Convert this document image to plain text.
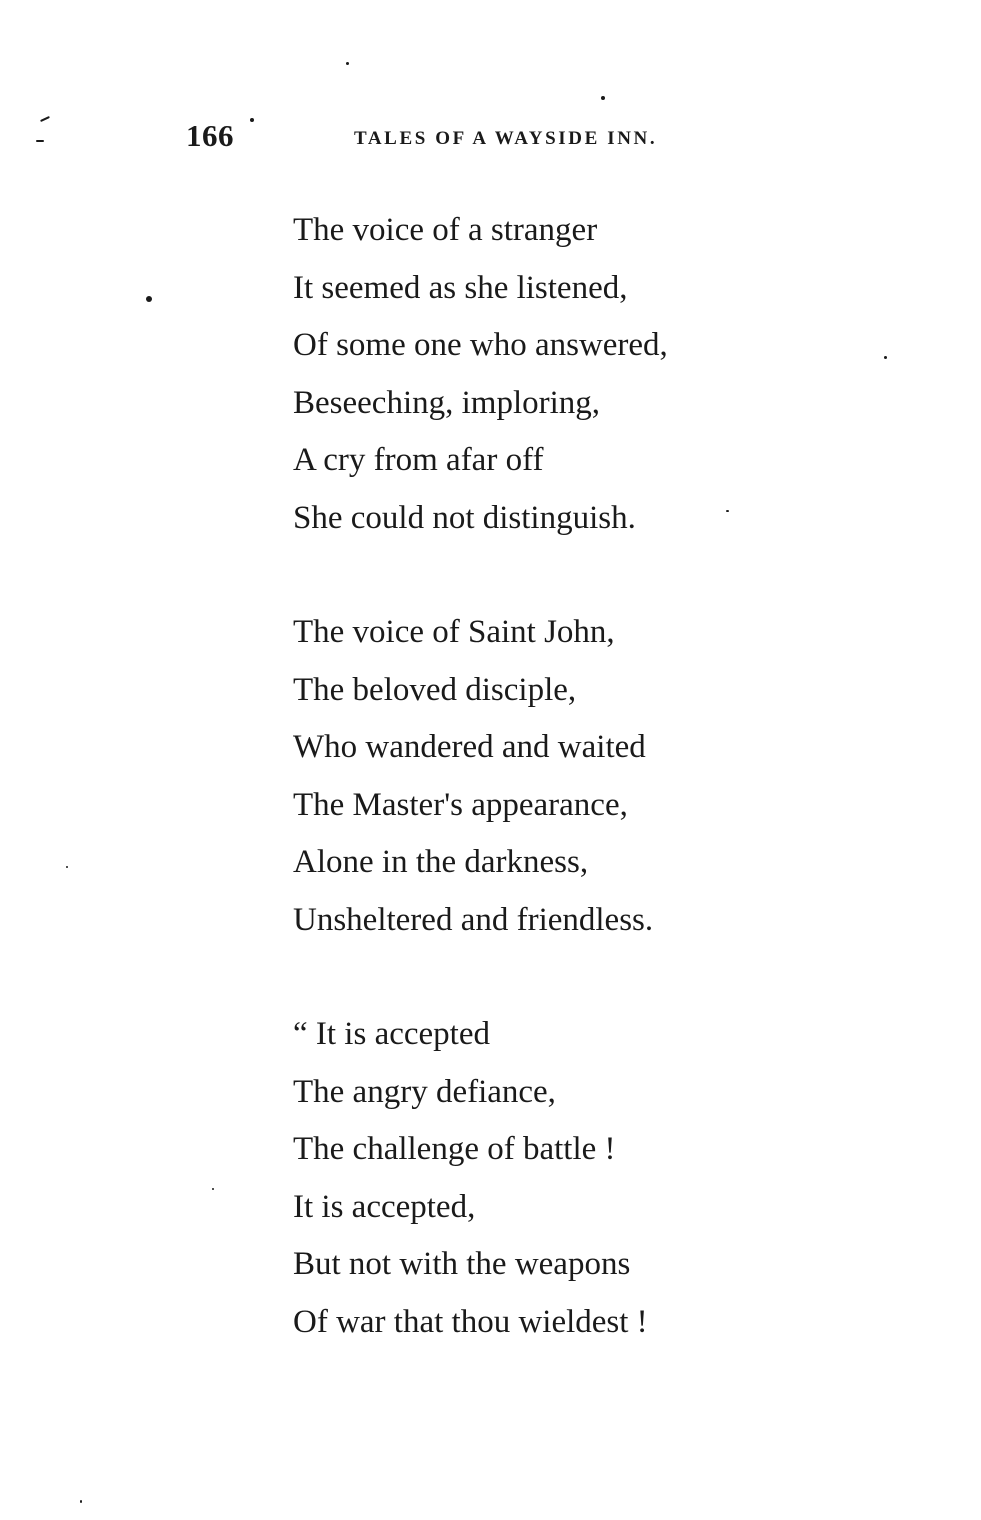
166	TALES OF A WAYSIDE INN.
The voice of a stranger
It seemed as she listened,
Of some one who answered,
Beseeching, imploring,
A cry from afar off
She could not distinguish.
The voice of Saint John,
The beloved disciple,
Who wandered and waited
The Master's appearance,
Alone in the darkness,
Unsheltered and friendless.
“ It is accepted
The angry defiance,
The challenge of battle !
It is accepted,
But not with the weapons
Of war that thou wieldest !
